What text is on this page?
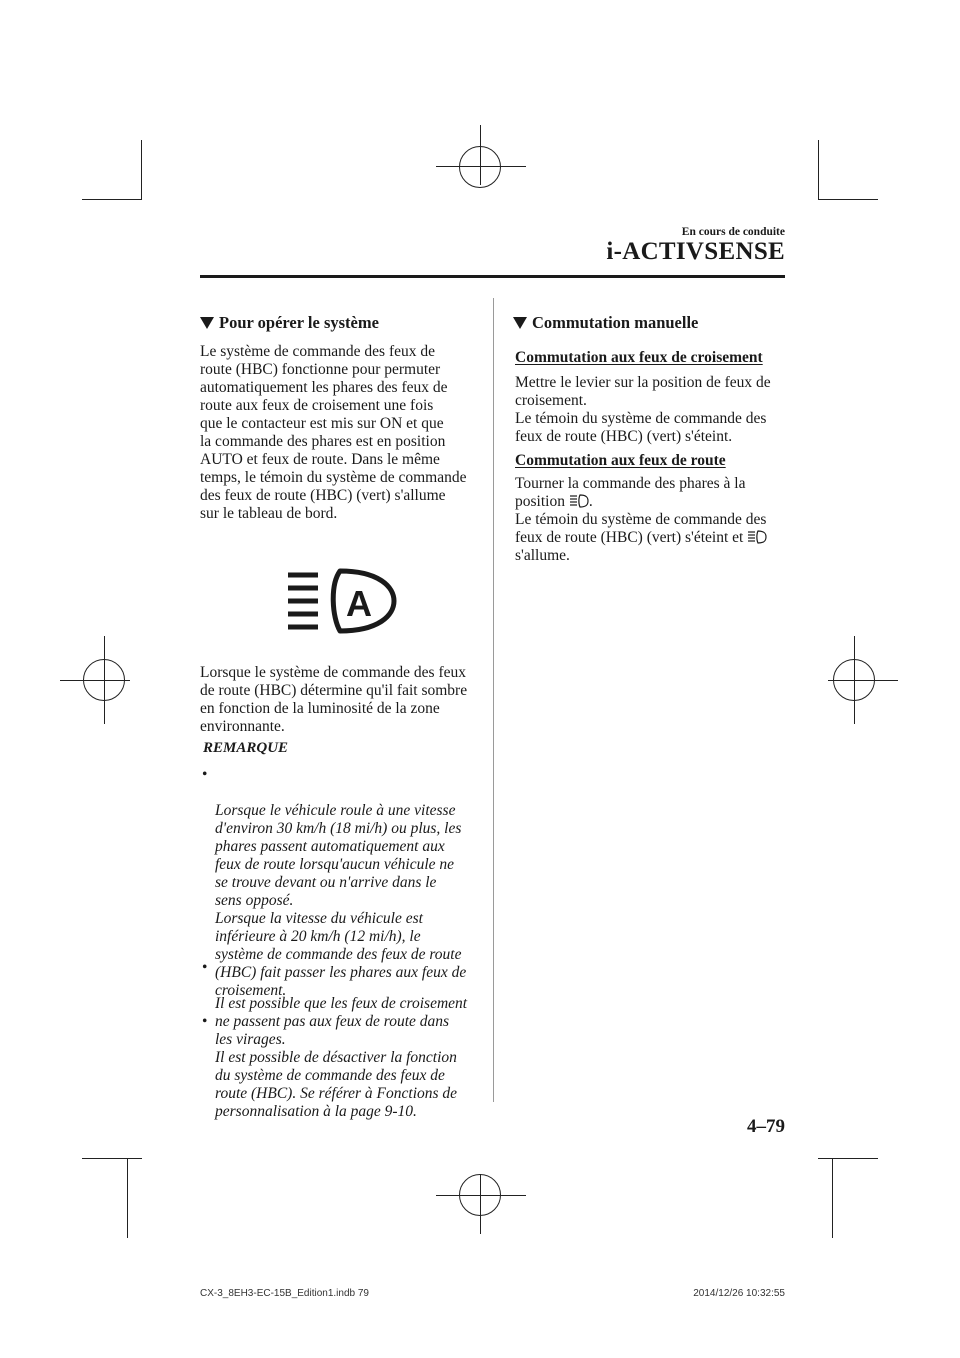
En cours de conduite
i-ACTIVSENSE
Pour opérer le système
Le système de commande des feux de
route (HBC) fonctionne pour permuter
automatiquement les phares des feux de
route aux feux de croisement une fois
que le contacteur est mis sur ON et que
la commande des phares est en position
AUTO et feux de route. Dans le même
temps, le témoin du système de commande
des feux de route (HBC) (vert) s'allume
sur le tableau de bord.
A
Lorsque le système de commande des feux
de route (HBC) détermine qu'il fait sombre
en fonction de la luminosité de la zone
environnante.
REMARQUE

•

Lorsque le véhicule roule à une vitesse
d'environ 30 km/h (18 mi/h) ou plus, les
phares passent automatiquement aux
feux de route lorsqu'aucun véhicule ne
se trouve devant ou n'arrive dans le
sens opposé.
Lorsque la vitesse du véhicule est
inférieure à 20 km/h (12 mi/h), le
système de commande des feux de route
(HBC) fait passer les phares aux feux de
croisement.

•

Il est possible que les feux de croisement
ne passent pas aux feux de route dans
les virages.

•

Il est possible de désactiver la fonction
du système de commande des feux de
route (HBC). Se référer à Fonctions de
personnalisation à la page 9-10.

Commutation manuelle
Commutation aux feux de croisement
Mettre le levier sur la position de feux de
croisement.
Le témoin du système de commande des
feux de route (HBC) (vert) s'éteint.
Commutation aux feux de route
Tourner la commande des phares à la
position .
Le témoin du système de commande des
feux de route (HBC) (vert) s'éteint et
s'allume.
4–79
CX-3_8EH3-EC-15B_Edition1.indb 79	2014/12/26 10:32:55
